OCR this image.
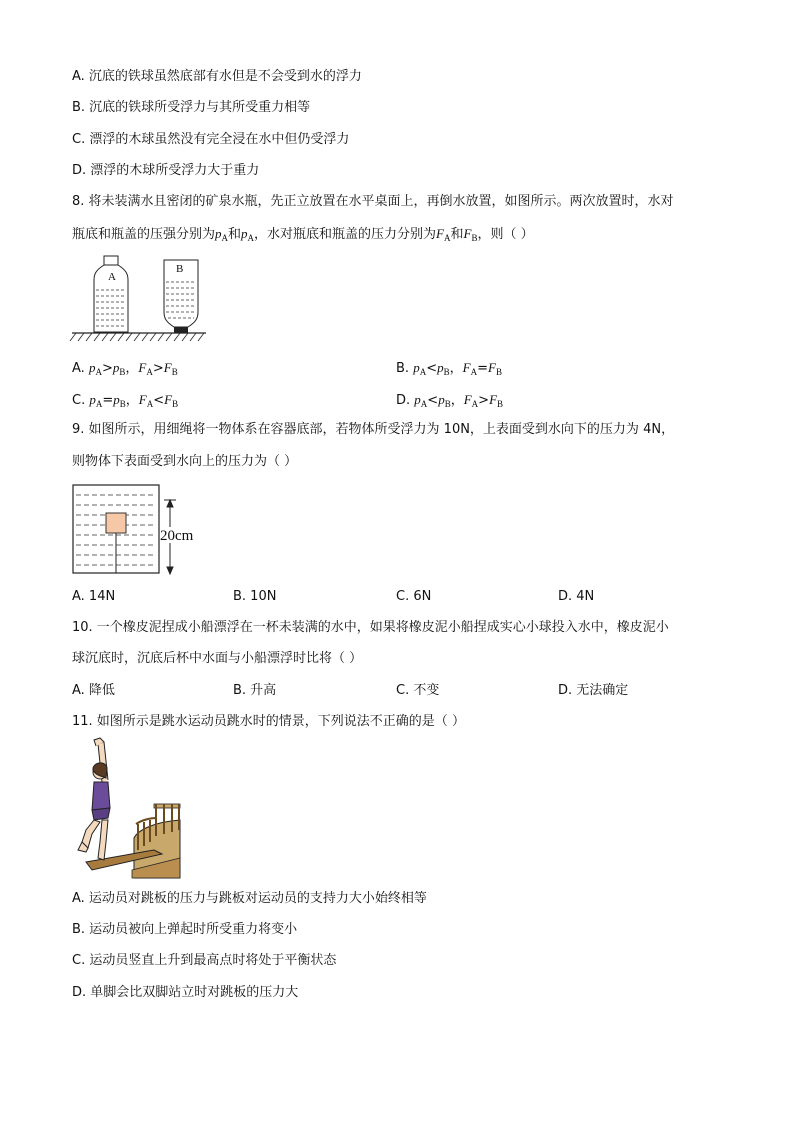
A. 沉底的铁球虽然底部有水但是不会受到水的浮力
B. 沉底的铁球所受浮力与其所受重力相等
C. 漂浮的木球虽然没有完全浸在水中但仍受浮力
D. 漂浮的木球所受浮力大于重力
8. 将未装满水且密闭的矿泉水瓶，先正立放置在水平桌面上，再倒水放置，如图所示。两次放置时，水对
瓶底和瓶盖的压强分别为$p_A$和$p_A$，水对瓶底和瓶盖的压力分别为$F_A$和$F_B$，则（ ）
A
B
A. $p_A>p_B$，$F_A>F_B$	B. $p_A<p_B$，$F_A=F_B$
C. $p_A=p_B$，$F_A<F_B$	D. $p_A<p_B$，$F_A>F_B$
9. 如图所示，用细绳将一物体系在容器底部，若物体所受浮力为 10N，上表面受到水向下的压力为 4N，
则物体下表面受到水向上的压力为（ ）
20cm
A. 14N	B. 10N	C. 6N	D. 4N
10. 一个橡皮泥捏成小船漂浮在一杯未装满的水中，如果将橡皮泥小船捏成实心小球投入水中，橡皮泥小
球沉底时，沉底后杯中水面与小船漂浮时比将（ ）
A. 降低	B. 升高	C. 不变	D. 无法确定
11. 如图所示是跳水运动员跳水时的情景，下列说法不正确的是（ ）
A. 运动员对跳板的压力与跳板对运动员的支持力大小始终相等
B. 运动员被向上弹起时所受重力将变小
C. 运动员竖直上升到最高点时将处于平衡状态
D. 单脚会比双脚站立时对跳板的压力大
